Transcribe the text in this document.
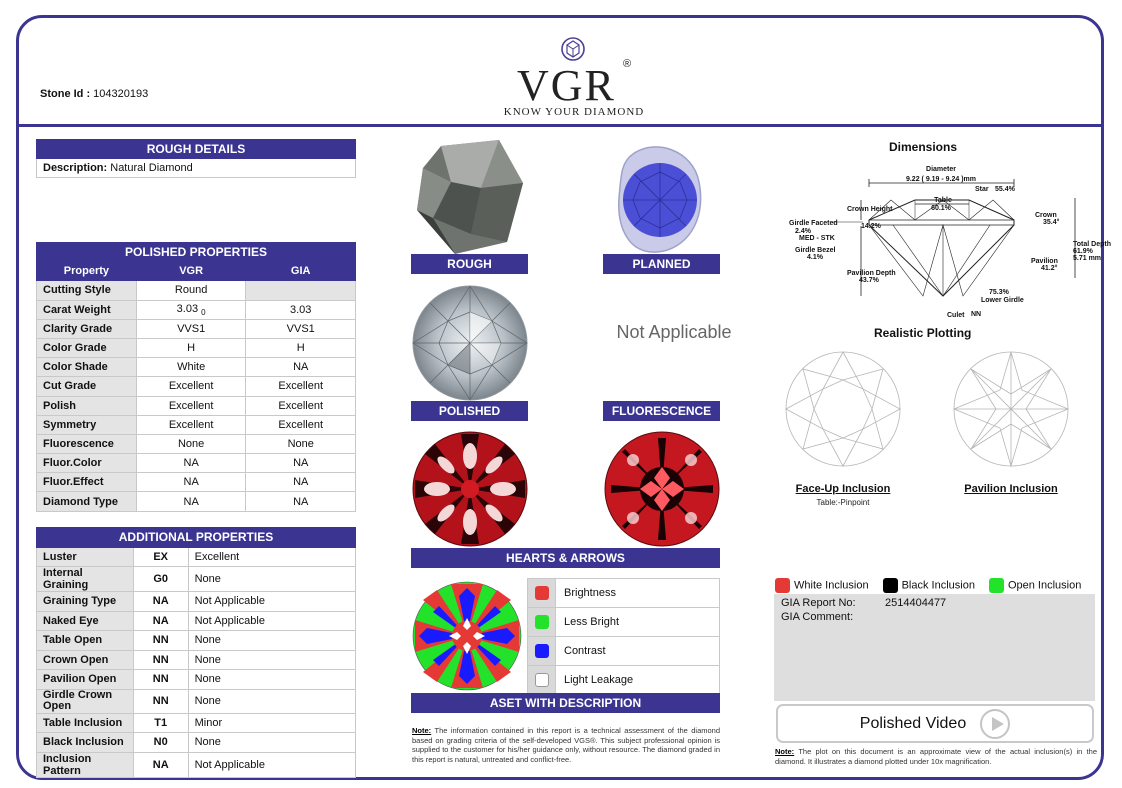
Stone Id : 104320193	VGR ®
KNOW YOUR DIAMOND
ROUGH DETAILS
Description: Natural Diamond
POLISHED PROPERTIES		
Property	VGR	GIA
Cutting Style	Round	
Carat Weight	3.03 $_0$	3.03
Clarity Grade	VVS1	VVS1
Color Grade	H	H
Color Shade	White	NA
Cut Grade	Excellent	Excellent
Polish	Excellent	Excellent
Symmetry	Excellent	Excellent
Fluorescence	None	None
Fluor.Color	NA	NA
Fluor.Effect	NA	NA
Diamond Type	NA	NA
ADDITIONAL PROPERTIES		
Luster	EX	Excellent
Internal Graining	G0	None
Graining Type	NA	Not Applicable
Naked Eye	NA	Not Applicable
Table Open	NN	None
Crown Open	NN	None
Pavilion Open	NN	None
Girdle Crown Open	NN	None
Table Inclusion	T1	Minor
Black Inclusion	N0	None
Inclusion Pattern	NA	Not Applicable
ROUGH	PLANNED
POLISHED
Not Applicable
FLUORESCENCE
HEARTS & ARROWS
	Brightness
	Less Bright
	Contrast
	Light Leakage
ASET WITH DESCRIPTION
Note: The information contained in this report is a technical assessment of the diamond based on grading criteria of the self-developed VGS®. This subject professional opinion is supplied to the customer for his/her guidance only, without resource. The diamond graded in this report is natural, untreated and conflict-free.
Dimensions
Diameter
9.22 ( 9.19 - 9.24 )mm
Star 55.4%
Table
60.1%
Crown Height
14.2%
Girdle Faceted
2.4%
MED - STK
Girdle Bezel
4.1%
Crown
35.4°
Total Depth
61.9%
5.71 mm
Pavilion
41.2°
Pavilion Depth
43.7%
75.3%
Lower Girdle
Culet NN
Realistic Plotting
Face-Up Inclusion
Table:-Pinpoint
Pavilion Inclusion
White Inclusion	Black Inclusion	Open Inclusion
GIA Report No:	2514404477
GIA Comment:
Polished Video
Note: The plot on this document is an approximate view of the actual inclusion(s) in the diamond. It illustrates a diamond plotted under 10x magnification.
